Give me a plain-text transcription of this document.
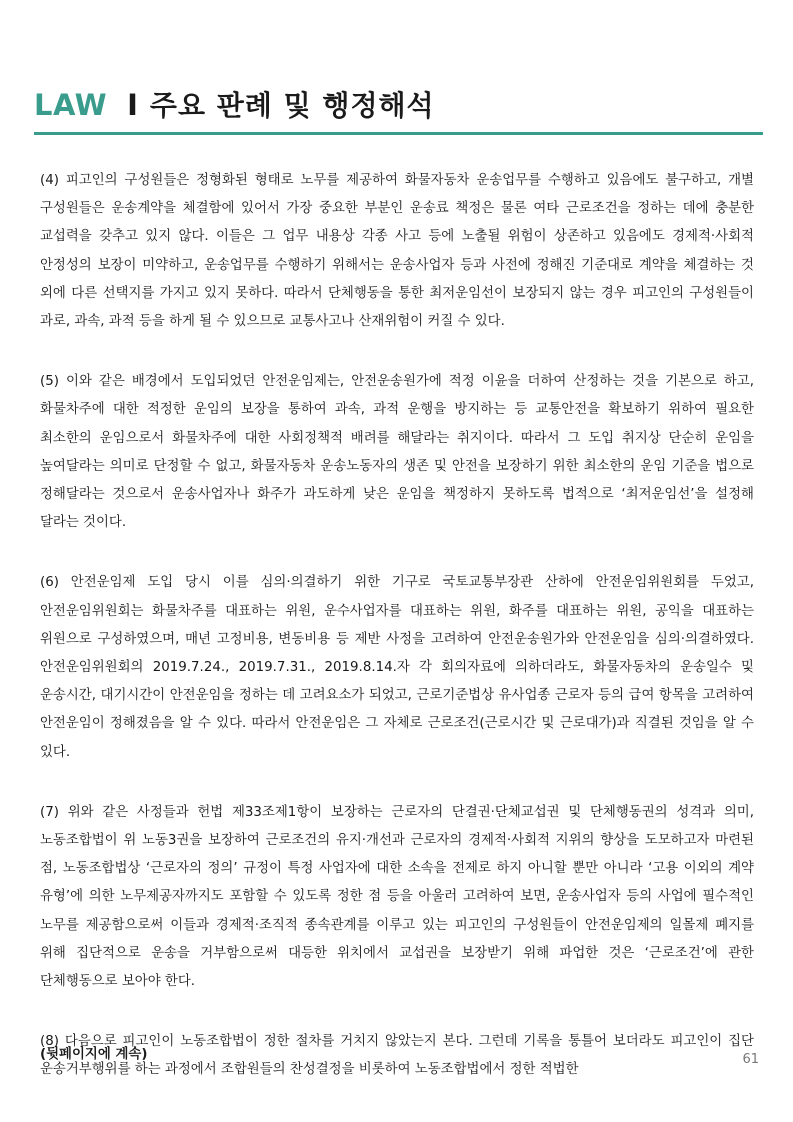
LAW I 주요 판례 및 행정해석

(4) 피고인의 구성원들은 정형화된 형태로 노무를 제공하여 화물자동차 운송업무를 수행하고 있음에도 불구하고, 개별 구성원들은 운송계약을 체결함에 있어서 가장 중요한 부분인 운송료 책정은 물론 여타 근로조건을 정하는 데에 충분한 교섭력을 갖추고 있지 않다. 이들은 그 업무 내용상 각종 사고 등에 노출될 위험이 상존하고 있음에도 경제적·사회적 안정성의 보장이 미약하고, 운송업무를 수행하기 위해서는 운송사업자 등과 사전에 정해진 기준대로 계약을 체결하는 것 외에 다른 선택지를 가지고 있지 못하다. 따라서 단체행동을 통한 최저운임선이 보장되지 않는 경우 피고인의 구성원들이 과로, 과속, 과적 등을 하게 될 수 있으므로 교통사고나 산재위험이 커질 수 있다.

(5) 이와 같은 배경에서 도입되었던 안전운임제는, 안전운송원가에 적정 이윤을 더하여 산정하는 것을 기본으로 하고, 화물차주에 대한 적정한 운임의 보장을 통하여 과속, 과적 운행을 방지하는 등 교통안전을 확보하기 위하여 필요한 최소한의 운임으로서 화물차주에 대한 사회정책적 배려를 해달라는 취지이다. 따라서 그 도입 취지상 단순히 운임을 높여달라는 의미로 단정할 수 없고, 화물자동차 운송노동자의 생존 및 안전을 보장하기 위한 최소한의 운임 기준을 법으로 정해달라는 것으로서 운송사업자나 화주가 과도하게 낮은 운임을 책정하지 못하도록 법적으로 ‘최저운임선’을 설정해 달라는 것이다.

(6) 안전운임제 도입 당시 이를 심의·의결하기 위한 기구로 국토교통부장관 산하에 안전운임위원회를 두었고, 안전운임위원회는 화물차주를 대표하는 위원, 운수사업자를 대표하는 위원, 화주를 대표하는 위원, 공익을 대표하는 위원으로 구성하였으며, 매년 고정비용, 변동비용 등 제반 사정을 고려하여 안전운송원가와 안전운임을 심의·의결하였다. 안전운임위원회의 2019.7.24., 2019.7.31., 2019.8.14.자 각 회의자료에 의하더라도, 화물자동차의 운송일수 및 운송시간, 대기시간이 안전운임을 정하는 데 고려요소가 되었고, 근로기준법상 유사업종 근로자 등의 급여 항목을 고려하여 안전운임이 정해졌음을 알 수 있다. 따라서 안전운임은 그 자체로 근로조건(근로시간 및 근로대가)과 직결된 것임을 알 수 있다.

(7) 위와 같은 사정들과 헌법 제33조제1항이 보장하는 근로자의 단결권·단체교섭권 및 단체행동권의 성격과 의미, 노동조합법이 위 노동3권을 보장하여 근로조건의 유지·개선과 근로자의 경제적·사회적 지위의 향상을 도모하고자 마련된 점, 노동조합법상 ‘근로자의 정의’ 규정이 특정 사업자에 대한 소속을 전제로 하지 아니할 뿐만 아니라 ‘고용 이외의 계약 유형’에 의한 노무제공자까지도 포함할 수 있도록 정한 점 등을 아울러 고려하여 보면, 운송사업자 등의 사업에 필수적인 노무를 제공함으로써 이들과 경제적·조직적 종속관계를 이루고 있는 피고인의 구성원들이 안전운임제의 일몰제 폐지를 위해 집단적으로 운송을 거부함으로써 대등한 위치에서 교섭권을 보장받기 위해 파업한 것은 ‘근로조건’에 관한 단체행동으로 보아야 한다.

(8) 다음으로 피고인이 노동조합법이 정한 절차를 거치지 않았는지 본다. 그런데 기록을 통틀어 보더라도 피고인이 집단 운송거부행위를 하는 과정에서 조합원들의 찬성결정을 비롯하여 노동조합법에서 정한 적법한

(뒷페이지에 계속)	61
